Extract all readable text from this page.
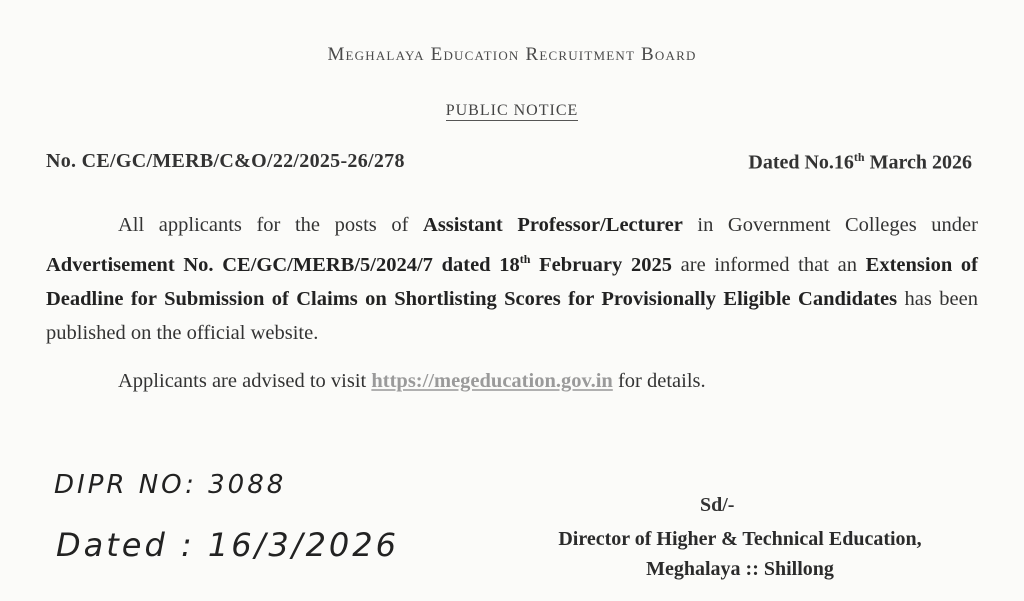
Meghalaya Education Recruitment Board
PUBLIC NOTICE
No. CE/GC/MERB/C&O/22/2025-26/278	Dated No.16th March 2026
All applicants for the posts of Assistant Professor/Lecturer in Government Colleges under Advertisement No. CE/GC/MERB/5/2024/7 dated 18th February 2025 are informed that an Extension of Deadline for Submission of Claims on Shortlisting Scores for Provisionally Eligible Candidates has been published on the official website.
Applicants are advised to visit https://megeducation.gov.in for details.
DIPR NO: 3088
Dated : 16/3/2026
Sd/-
Director of Higher & Technical Education,
Meghalaya :: Shillong
